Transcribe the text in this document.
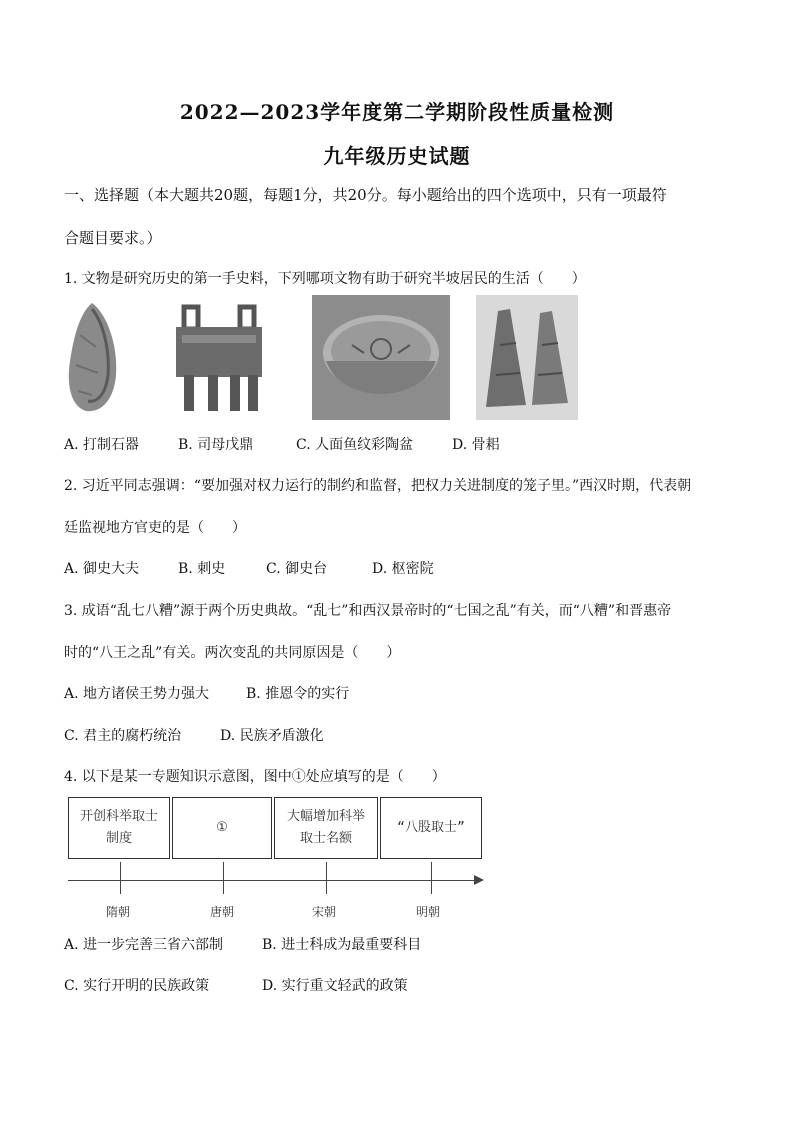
2022—2023学年度第二学期阶段性质量检测
九年级历史试题
一、选择题（本大题共20题，每题1分，共20分。每小题给出的四个选项中，只有一项最符
合题目要求。）
1. 文物是研究历史的第一手史料，下列哪项文物有助于研究半坡居民的生活（　　）
A. 打制石器	B. 司母戊鼎	C. 人面鱼纹彩陶盆	D. 骨耜
2. 习近平同志强调：“要加强对权力运行的制约和监督，把权力关进制度的笼子里。”西汉时期，代表朝
廷监视地方官吏的是（　　）
A. 御史大夫	B. 刺史	C. 御史台	D. 枢密院
3. 成语“乱七八糟”源于两个历史典故。“乱七”和西汉景帝时的“七国之乱”有关，而“八糟”和晋惠帝
时的“八王之乱”有关。两次变乱的共同原因是（　　）
A. 地方诸侯王势力强大	B. 推恩令的实行
C. 君主的腐朽统治	D. 民族矛盾激化
4. 以下是某一专题知识示意图，图中①处应填写的是（　　）
开创科举取士
制度
①
大幅增加科举
取士名额
“八股取士”
隋朝	唐朝	宋朝	明朝
A. 进一步完善三省六部制	B. 进士科成为最重要科目
C. 实行开明的民族政策	D. 实行重文轻武的政策
